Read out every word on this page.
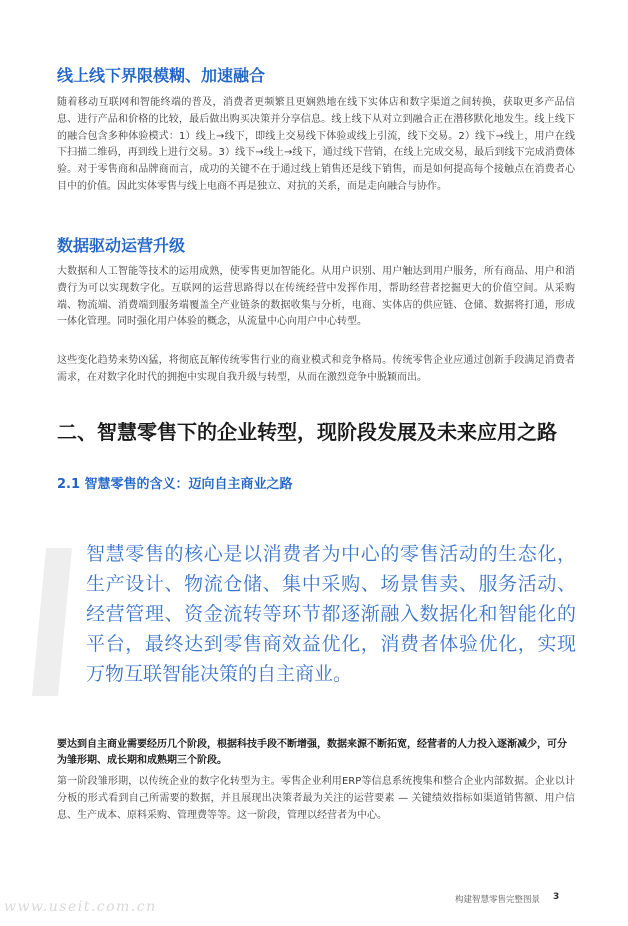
线上线下界限模糊、加速融合

随着移动互联网和智能终端的普及，消费者更频繁且更娴熟地在线下实体店和数字渠道之间转换，获取更多产品信息、进行产品和价格的比较，最后做出购买决策并分享信息。线上线下从对立到融合正在潜移默化地发生。线上线下的融合包含多种体验模式：1）线上→线下，即线上交易线下体验或线上引流，线下交易。2）线下→线上，用户在线下扫描二维码，再到线上进行交易。3）线下→线上→线下，通过线下营销，在线上完成交易，最后到线下完成消费体验。对于零售商和品牌商而言，成功的关键不在于通过线上销售还是线下销售，而是如何提高每个接触点在消费者心目中的价值。因此实体零售与线上电商不再是独立、对抗的关系，而是走向融合与协作。

数据驱动运营升级

大数据和人工智能等技术的运用成熟，使零售更加智能化。从用户识别、用户触达到用户服务，所有商品、用户和消费行为可以实现数字化。互联网的运营思路得以在传统经营中发挥作用，帮助经营者挖掘更大的价值空间。从采购端、物流端、消费端到服务端覆盖全产业链条的数据收集与分析，电商、实体店的供应链、仓储、数据将打通，形成一体化管理。同时强化用户体验的概念，从流量中心向用户中心转型。

这些变化趋势来势凶猛，将彻底瓦解传统零售行业的商业模式和竞争格局。传统零售企业应通过创新手段满足消费者需求，在对数字化时代的拥抱中实现自我升级与转型，从而在激烈竞争中脱颖而出。

二、智慧零售下的企业转型，现阶段发展及未来应用之路
2.1 智慧零售的含义：迈向自主商业之路

智慧零售的核心是以消费者为中心的零售活动的生态化，生产设计、物流仓储、集中采购、场景售卖、服务活动、经营管理、资金流转等环节都逐渐融入数据化和智能化的平台，最终达到零售商效益优化，消费者体验优化，实现万物互联智能决策的自主商业。

要达到自主商业需要经历几个阶段，根据科技手段不断增强，数据来源不断拓宽，经营者的人力投入逐渐减少，可分为雏形期、成长期和成熟期三个阶段。

第一阶段雏形期，以传统企业的数字化转型为主。零售企业利用ERP等信息系统搜集和整合企业内部数据。企业以计分板的形式看到自己所需要的数据，并且展现出决策者最为关注的运营要素 — 关键绩效指标如渠道销售额、用户信息、生产成本、原料采购、管理费等等。这一阶段，管理以经营者为中心。

www.useit.com.cn	构建智慧零售完整图景 3
